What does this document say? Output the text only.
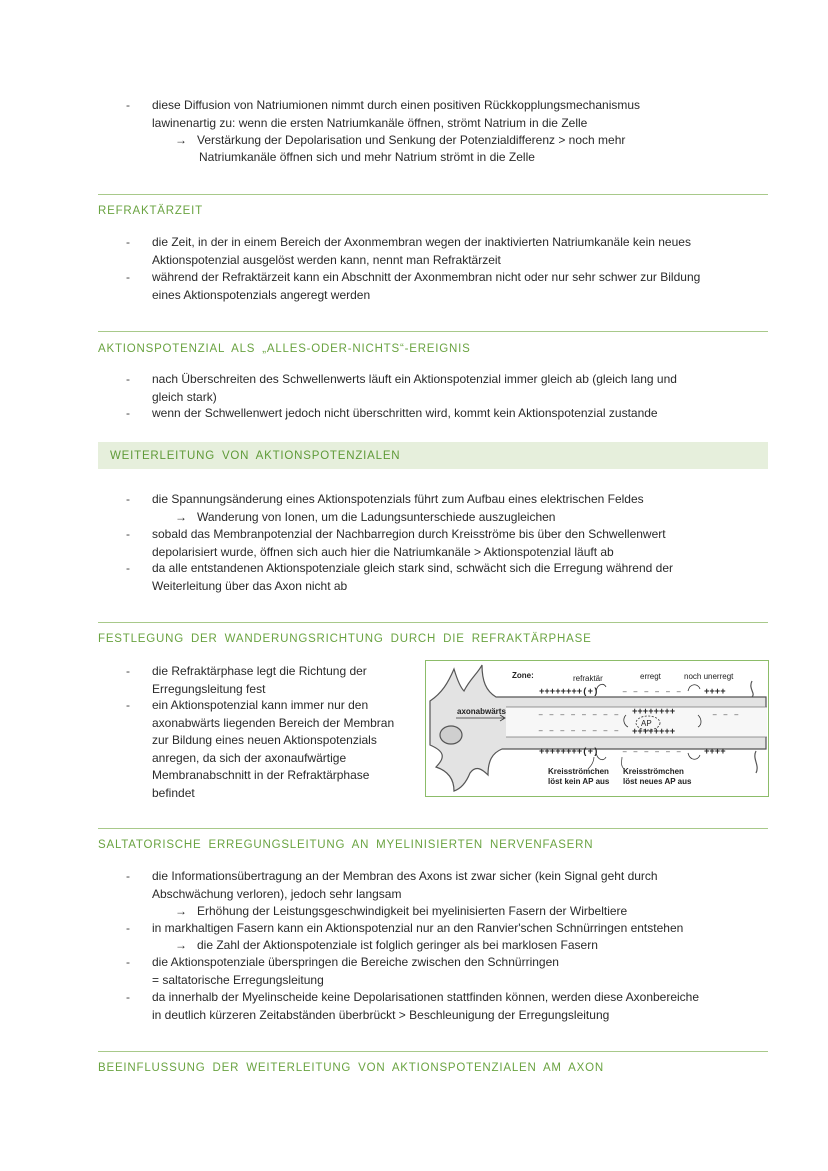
-	diese Diffusion von Natriumionen nimmt durch einen positiven Rückkopplungsmechanismus
lawinenartig zu: wenn die ersten Natriumkanäle öffnen, strömt Natrium in die Zelle
→ Verstärkung der Depolarisation und Senkung der Potenzialdifferenz > noch mehr
Natriumkanäle öffnen sich und mehr Natrium strömt in die Zelle
REFRAKTÄRZEIT
-	die Zeit, in der in einem Bereich der Axonmembran wegen der inaktivierten Natriumkanäle kein neues
Aktionspotenzial ausgelöst werden kann, nennt man Refraktärzeit
-	während der Refraktärzeit kann ein Abschnitt der Axonmembran nicht oder nur sehr schwer zur Bildung
eines Aktionspotenzials angeregt werden
AKTIONSPOTENZIAL ALS „ALLES-ODER-NICHTS“-EREIGNIS
-	nach Überschreiten des Schwellenwerts läuft ein Aktionspotenzial immer gleich ab (gleich lang und
gleich stark)
-	wenn der Schwellenwert jedoch nicht überschritten wird, kommt kein Aktionspotenzial zustande
WEITERLEITUNG VON AKTIONSPOTENZIALEN
-	die Spannungsänderung eines Aktionspotenzials führt zum Aufbau eines elektrischen Feldes
→ Wanderung von Ionen, um die Ladungsunterschiede auszugleichen
-	sobald das Membranpotenzial der Nachbarregion durch Kreisströme bis über den Schwellenwert
depolarisiert wurde, öffnen sich auch hier die Natriumkanäle > Aktionspotenzial läuft ab
-	da alle entstandenen Aktionspotenziale gleich stark sind, schwächt sich die Erregung während der
Weiterleitung über das Axon nicht ab
FESTLEGUNG DER WANDERUNGSRICHTUNG DURCH DIE REFRAKTÄRPHASE
-	die Refraktärphase legt die Richtung der
Erregungsleitung fest
-	ein Aktionspotenzial kann immer nur den
axonabwärts liegenden Bereich der Membran
zur Bildung eines neuen Aktionspotenzials
anregen, da sich der axonaufwärtige
Membranabschnitt in der Refraktärphase
befindet
Zone:	refraktär	erregt	noch unerregt
++++++++(+)	– – – – – –	++++
axonabwärts	– – – – – – – – ++++++++	– – –
AP
– – – – – – – – ++++++++
++++++++(+)	– – – – – –	++++
Kreisströmchen
löst kein AP aus
Kreisströmchen
löst neues AP aus
SALTATORISCHE ERREGUNGSLEITUNG AN MYELINISIERTEN NERVENFASERN
-	die Informationsübertragung an der Membran des Axons ist zwar sicher (kein Signal geht durch
Abschwächung verloren), jedoch sehr langsam
→ Erhöhung der Leistungsgeschwindigkeit bei myelinisierten Fasern der Wirbeltiere
-	in markhaltigen Fasern kann ein Aktionspotenzial nur an den Ranvier'schen Schnürringen entstehen
→ die Zahl der Aktionspotenziale ist folglich geringer als bei marklosen Fasern
-	die Aktionspotenziale überspringen die Bereiche zwischen den Schnürringen
= saltatorische Erregungsleitung
-	da innerhalb der Myelinscheide keine Depolarisationen stattfinden können, werden diese Axonbereiche
in deutlich kürzeren Zeitabständen überbrückt > Beschleunigung der Erregungsleitung
BEEINFLUSSUNG DER WEITERLEITUNG VON AKTIONSPOTENZIALEN AM AXON
